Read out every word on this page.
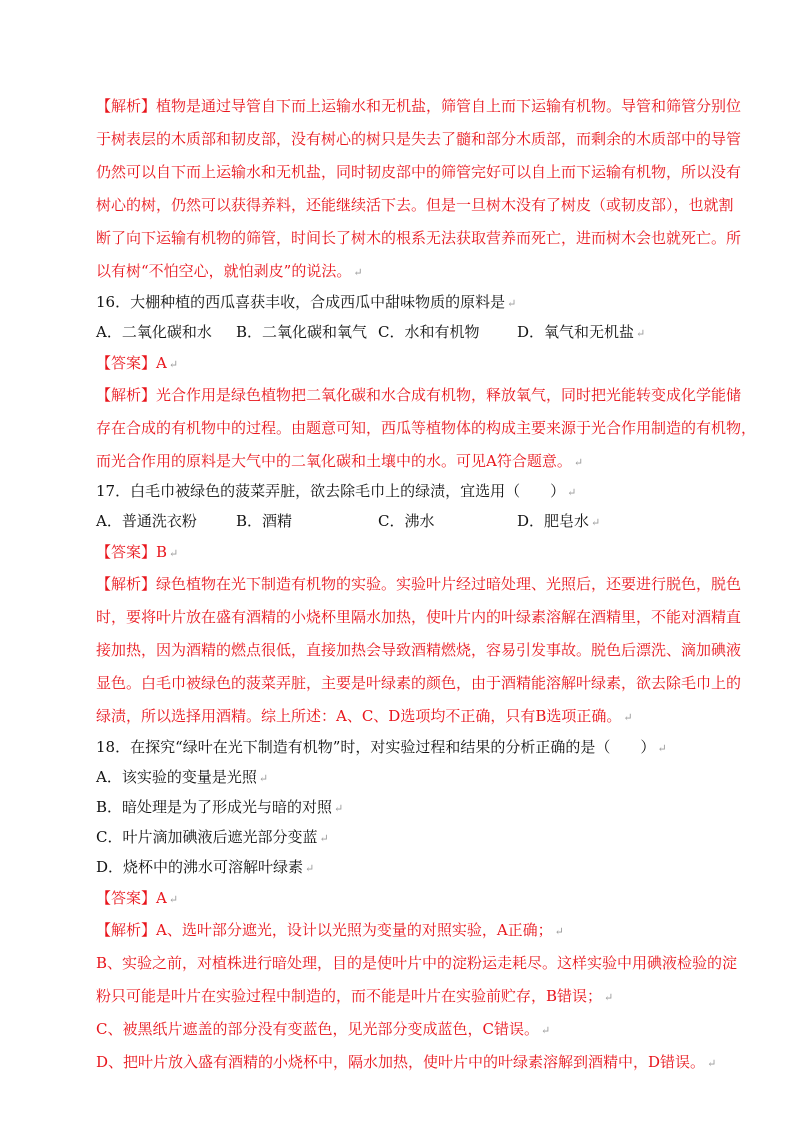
【解析】植物是通过导管自下而上运输水和无机盐，筛管自上而下运输有机物。导管和筛管分别位
于树表层的木质部和韧皮部，没有树心的树只是失去了髓和部分木质部，而剩余的木质部中的导管
仍然可以自下而上运输水和无机盐，同时韧皮部中的筛管完好可以自上而下运输有机物，所以没有
树心的树，仍然可以获得养料，还能继续活下去。但是一旦树木没有了树皮（或韧皮部），也就割
断了向下运输有机物的筛管，时间长了树木的根系无法获取营养而死亡，进而树木会也就死亡。所
以有树“不怕空心，就怕剥皮”的说法。 ↵
16．大棚种植的西瓜喜获丰收，合成西瓜中甜味物质的原料是 ↵
A．二氧化碳和水 B．二氧化碳和氧气 C．水和有机物	D．氧气和无机盐 ↵
【答案】A ↵
【解析】光合作用是绿色植物把二氧化碳和水合成有机物，释放氧气，同时把光能转变成化学能储
存在合成的有机物中的过程。由题意可知，西瓜等植物体的构成主要来源于光合作用制造的有机物，
而光合作用的原料是大气中的二氧化碳和土壤中的水。可见A符合题意。 ↵
17．白毛巾被绿色的菠菜弄脏，欲去除毛巾上的绿渍，宜选用（　　） ↵
A．普通洗衣粉	B．酒精	C．沸水	D．肥皂水 ↵
【答案】B ↵
【解析】绿色植物在光下制造有机物的实验。实验叶片经过暗处理、光照后，还要进行脱色，脱色
时，要将叶片放在盛有酒精的小烧杯里隔水加热，使叶片内的叶绿素溶解在酒精里，不能对酒精直
接加热，因为酒精的燃点很低，直接加热会导致酒精燃烧，容易引发事故。脱色后漂洗、滴加碘液
显色。白毛巾被绿色的菠菜弄脏，主要是叶绿素的颜色，由于酒精能溶解叶绿素，欲去除毛巾上的
绿渍，所以选择用酒精。综上所述：A、C、D选项均不正确，只有B选项正确。 ↵
18．在探究“绿叶在光下制造有机物”时，对实验过程和结果的分析正确的是（　　） ↵
A．该实验的变量是光照 ↵
B．暗处理是为了形成光与暗的对照 ↵
C．叶片滴加碘液后遮光部分变蓝 ↵
D．烧杯中的沸水可溶解叶绿素 ↵
【答案】A ↵
【解析】A、选叶部分遮光，设计以光照为变量的对照实验，A正确； ↵
B、实验之前，对植株进行暗处理，目的是使叶片中的淀粉运走耗尽。这样实验中用碘液检验的淀
粉只可能是叶片在实验过程中制造的，而不能是叶片在实验前贮存，B错误； ↵
C、被黑纸片遮盖的部分没有变蓝色，见光部分变成蓝色，C错误。 ↵
D、把叶片放入盛有酒精的小烧杯中，隔水加热，使叶片中的叶绿素溶解到酒精中，D错误。 ↵
